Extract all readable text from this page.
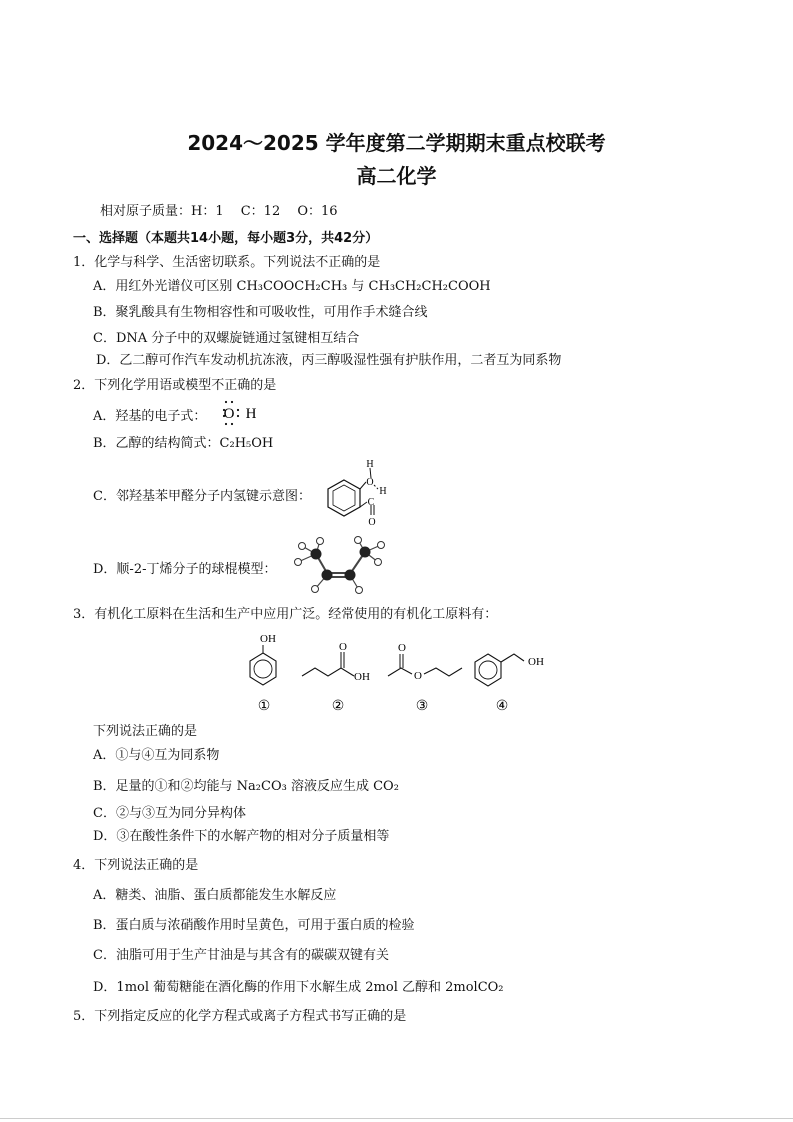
2024～2025 学年度第二学期期末重点校联考
高二化学
相对原子质量：H：1　 C：12　 O：16
一、选择题（本题共14小题，每小题3分，共42分）
1．化学与科学、生活密切联系。下列说法不正确的是
A．用红外光谱仪可区别 CH₃COOCH₂CH₃ 与 CH₃CH₂CH₂COOH
B．聚乳酸具有生物相容性和可吸收性，可用作手术缝合线
C．DNA 分子中的双螺旋链通过氢键相互结合
D．乙二醇可作汽车发动机抗冻液，丙三醇吸湿性强有护肤作用，二者互为同系物
2．下列化学用语或模型不正确的是
A．羟基的电子式： O H
B．乙醇的结构简式：C₂H₅OH
C．邻羟基苯甲醛分子内氢键示意图：
H
O
H
C
O
D．顺-2-丁烯分子的球棍模型：
3．有机化工原料在生活和生产中应用广泛。经常使用的有机化工原料有：
OH
①
O
OH
②
O
O
③
OH
④
下列说法正确的是
A．①与④互为同系物
B．足量的①和②均能与 Na₂CO₃ 溶液反应生成 CO₂
C．②与③互为同分异构体
D．③在酸性条件下的水解产物的相对分子质量相等
4．下列说法正确的是
A．糖类、油脂、蛋白质都能发生水解反应
B．蛋白质与浓硝酸作用时呈黄色，可用于蛋白质的检验
C．油脂可用于生产甘油是与其含有的碳碳双键有关
D．1mol 葡萄糖能在酒化酶的作用下水解生成 2mol 乙醇和 2molCO₂
5．下列指定反应的化学方程式或离子方程式书写正确的是
